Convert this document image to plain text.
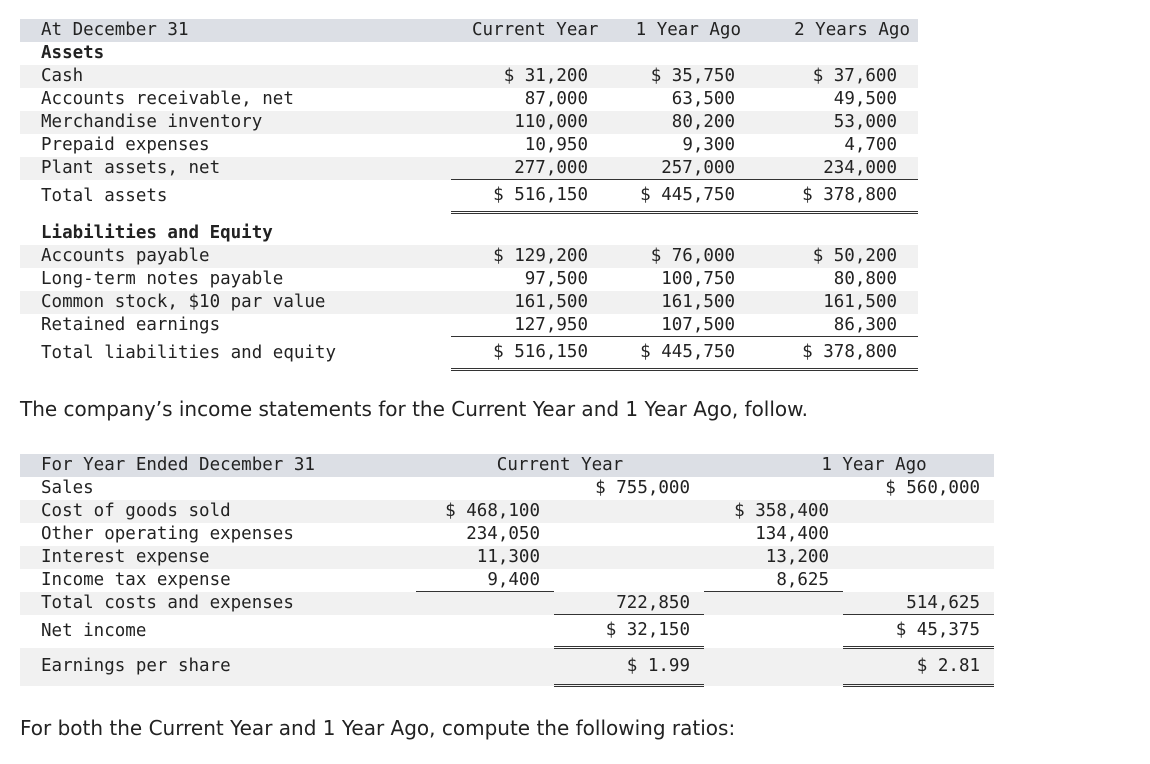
At December 31	Current Year	1 Year Ago	2 Years Ago
Assets			
Cash	$ 31,200	$ 35,750	$ 37,600
Accounts receivable, net	87,000	63,500	49,500
Merchandise inventory	110,000	80,200	53,000
Prepaid expenses	10,950	9,300	4,700
Plant assets, net	277,000	257,000	234,000
Total assets	$ 516,150	$ 445,750	$ 378,800
Liabilities and Equity			
Accounts payable	$ 129,200	$ 76,000	$ 50,200
Long-term notes payable	97,500	100,750	80,800
Common stock, $10 par value	161,500	161,500	161,500
Retained earnings	127,950	107,500	86,300
Total liabilities and equity	$ 516,150	$ 445,750	$ 378,800
The company’s income statements for the Current Year and 1 Year Ago, follow.
For Year Ended December 31	Current Year		1 Year Ago	
Sales		$ 755,000		$ 560,000
Cost of goods sold	$ 468,100		$ 358,400	
Other operating expenses	234,050		134,400	
Interest expense	11,300		13,200	
Income tax expense	9,400		8,625	
Total costs and expenses		722,850		514,625
Net income		$ 32,150		$ 45,375
Earnings per share		$ 1.99		$ 2.81
For both the Current Year and 1 Year Ago, compute the following ratios:
